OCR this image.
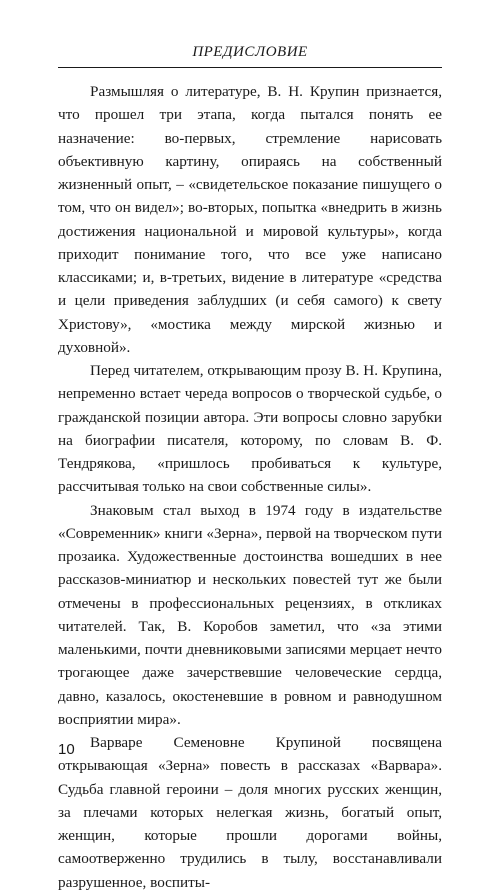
ПРЕДИСЛОВИЕ

Размышляя о литературе, В. Н. Крупин признается, что прошел три этапа, когда пытался понять ее назначение: во-первых, стремление нарисовать объективную картину, опираясь на собственный жизненный опыт, – «свидетельское показание пишущего о том, что он видел»; во-вторых, попытка «внедрить в жизнь достижения национальной и мировой культуры», когда приходит понимание того, что все уже написано классиками; и, в-третьих, видение в литературе «средства и цели приведения заблудших (и себя самого) к свету Христову», «мостика между мирской жизнью и духовной».

Перед читателем, открывающим прозу В. Н. Крупина, непременно встает череда вопросов о творческой судьбе, о гражданской позиции автора. Эти вопросы словно зарубки на биографии писателя, которому, по словам В. Ф. Тендрякова, «пришлось пробиваться к культуре, рассчитывая только на свои собственные силы».

Знаковым стал выход в 1974 году в издательстве «Современник» книги «Зерна», первой на творческом пути прозаика. Художественные достоинства вошедших в нее рассказов-миниатюр и нескольких повестей тут же были отмечены в профессиональных рецензиях, в откликах читателей. Так, В. Коробов заметил, что «за этими маленькими, почти дневниковыми записями мерцает нечто трогающее даже зачерствевшие человеческие сердца, давно, казалось, окостеневшие в ровном и равнодушном восприятии мира».

Варваре Семеновне Крупиной посвящена открывающая «Зерна» повесть в рассказах «Варвара». Судьба главной героини – доля многих русских женщин, за плечами которых нелегкая жизнь, богатый опыт, женщин, которые прошли дорогами войны, самоотверженно трудились в тылу, восстанавливали разрушенное, воспиты-

10
